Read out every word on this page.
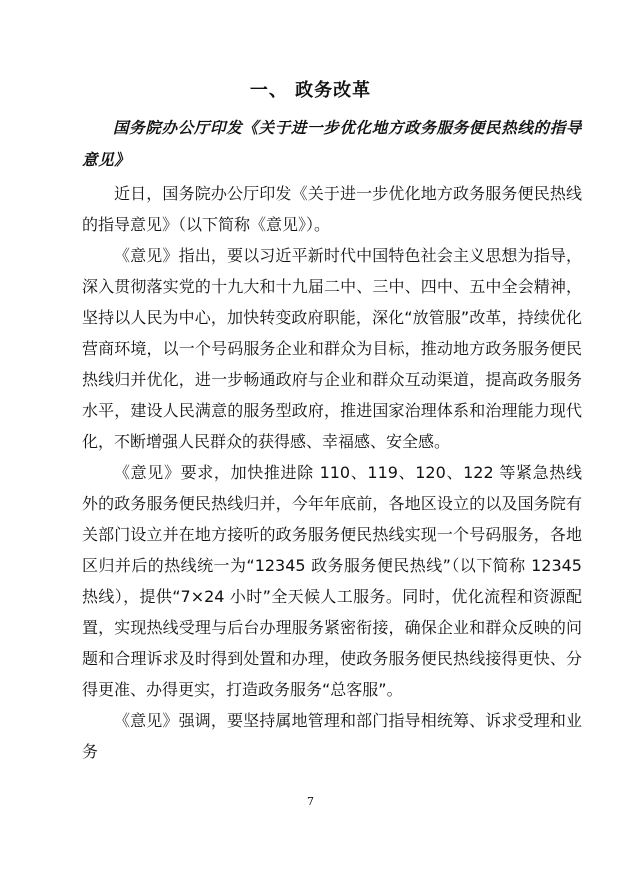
一、 政务改革
国务院办公厅印发《关于进一步优化地方政务服务便民热线的指导意见》

近日，国务院办公厅印发《关于进一步优化地方政务服务便民热线的指导意见》（以下简称《意见》）。

《意见》指出，要以习近平新时代中国特色社会主义思想为指导，深入贯彻落实党的十九大和十九届二中、三中、四中、五中全会精神，坚持以人民为中心，加快转变政府职能，深化“放管服”改革，持续优化营商环境，以一个号码服务企业和群众为目标，推动地方政务服务便民热线归并优化，进一步畅通政府与企业和群众互动渠道，提高政务服务水平，建设人民满意的服务型政府，推进国家治理体系和治理能力现代化，不断增强人民群众的获得感、幸福感、安全感。

《意见》要求，加快推进除 110、119、120、122 等紧急热线外的政务服务便民热线归并，今年年底前，各地区设立的以及国务院有关部门设立并在地方接听的政务服务便民热线实现一个号码服务，各地区归并后的热线统一为“12345 政务服务便民热线”（以下简称 12345 热线），提供“7×24 小时”全天候人工服务。同时，优化流程和资源配置，实现热线受理与后台办理服务紧密衔接，确保企业和群众反映的问题和合理诉求及时得到处置和办理，使政务服务便民热线接得更快、分得更准、办得更实，打造政务服务“总客服”。

《意见》强调，要坚持属地管理和部门指导相统筹、诉求受理和业务

7
